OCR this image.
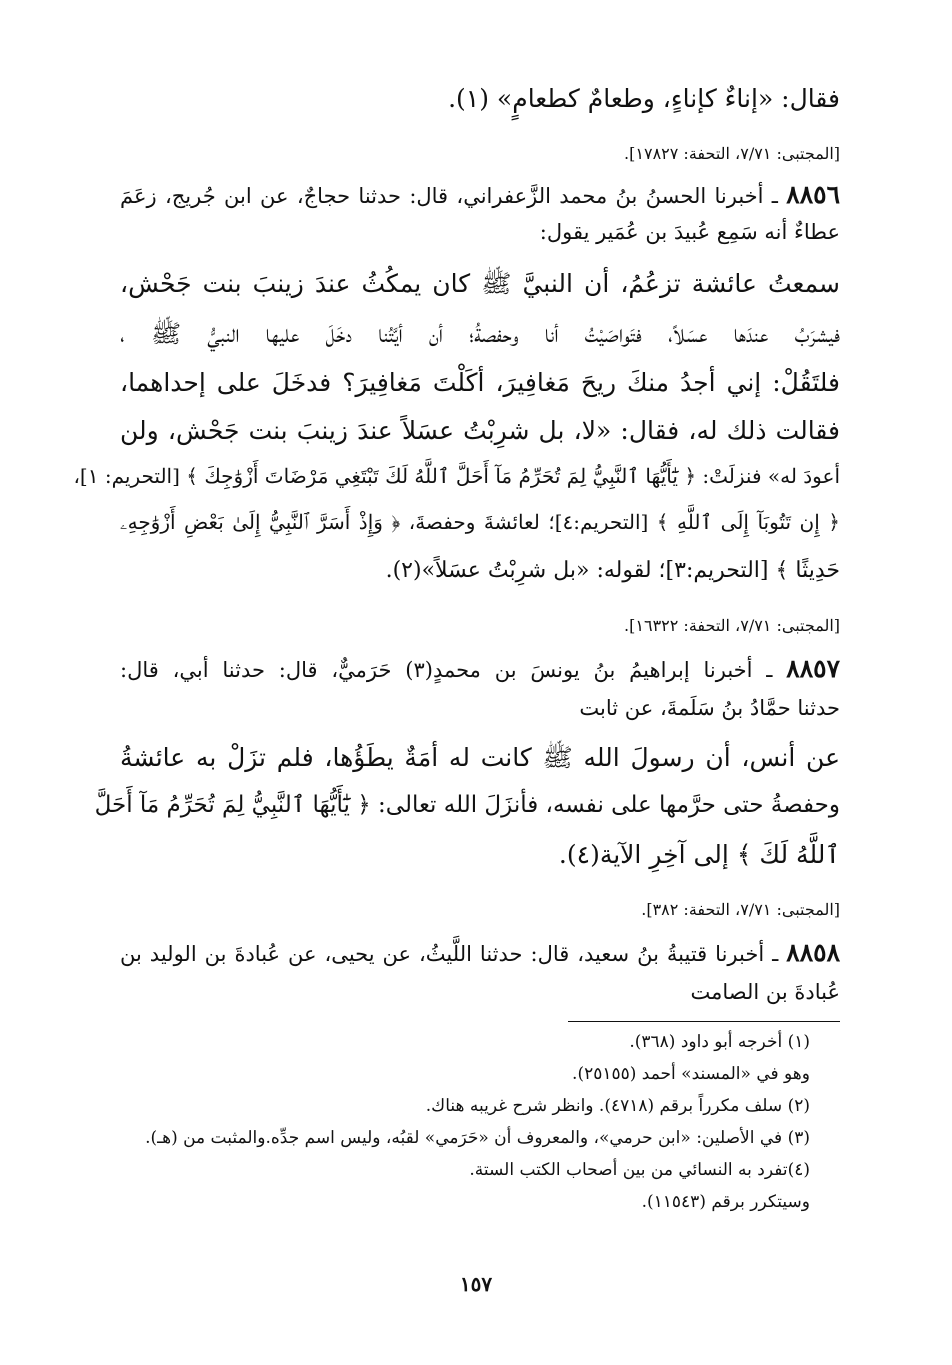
فقال: «إناءٌ كإناءٍ، وطعامٌ كطعامٍ» (١).
[المجتبى: ٧/٧١، التحفة: ١٧٨٢٧].
٨٨٥٦ ـ أخبرنا الحسنُ بنُ محمد الزَّعفراني، قال: حدثنا حجاجٌ، عن ابن جُريج، زعَمَ
عطاءٌ أنه سَمِع عُبيدَ بن عُمَير يقول:
سمعتُ عائشة تزعُمُ، أن النبيَّ ﷺ كان يمكُثُ عندَ زينبَ بنت جَحْش،
فيشرَبُ عندَها عسَلاً، فتَواصَيْتُ أنا وحفصةُ؛ أن أيَّتُنا دخَلَ عليها النبيُّ ﷺ ،
فلتَقُلْ: إني أجدُ منكَ ريحَ مَغافِيرَ، أكَلْتَ مَغافِيرَ؟ فدخَلَ على إحداهما،
فقالت ذلك له، فقال: «لا، بل شرِبْتُ عسَلاً عندَ زينبَ بنت جَحْش، ولن
أعودَ له» فنزلَتْ: ﴿ يَٰٓأَيُّهَا ٱلنَّبِيُّ لِمَ تُحَرِّمُ مَآ أَحَلَّ ٱللَّهُ لَكَ تَبْتَغِي مَرْضَاتَ أَزْوَٰجِكَ ﴾ [التحريم: ١]،
﴿ إِن تَتُوبَآ إِلَى ٱللَّهِ ﴾ [التحريم:٤]؛ لعائشةَ وحفصةَ، ﴿ وَإِذْ أَسَرَّ ٱلنَّبِيُّ إِلَىٰ بَعْضِ أَزْوَٰجِهِۦ
حَدِيثًا ﴾ [التحريم:٣]؛ لقوله: «بل شرِبْتُ عسَلاً»(٢).
[المجتبى: ٧/٧١، التحفة: ١٦٣٢٢].
٨٨٥٧ ـ أخبرنا إبراهيمُ بنُ يونسَ بن محمدٍ(٣) حَرَميٌّ، قال: حدثنا أبي، قال:
حدثنا حمَّادُ بنُ سَلَمةَ، عن ثابت
عن أنس، أن رسولَ الله ﷺ كانت له أمَةٌ يطَؤُها، فلم تزَلْ به عائشةُ
وحفصةُ حتى حرَّمها على نفسه، فأنزَلَ الله تعالى: ﴿ يَٰٓأَيُّهَا ٱلنَّبِيُّ لِمَ تُحَرِّمُ مَآ أَحَلَّ
ٱللَّهُ لَكَ ﴾ إلى آخِرِ الآية(٤).
[المجتبى: ٧/٧١، التحفة: ٣٨٢].
٨٨٥٨ ـ أخبرنا قتيبةُ بنُ سعيد، قال: حدثنا اللَّيثُ، عن يحيى، عن عُبادةَ بن الوليد بن
عُبادةَ بن الصامت
(١) أخرجه أبو داود (٣٦٨).
وهو في «المسند» أحمد (٢٥١٥٥).
(٢) سلف مكرراً برقم (٤٧١٨). وانظر شرح غريبه هناك.
(٣) في الأصلين: «ابن حرمي»، والمعروف أن «حَرَمي» لقبُه، وليس اسم جدِّه.والمثبت من (هـ).
(٤)تفرد به النسائي من بين أصحاب الكتب الستة.
وسيتكرر برقم (١١٥٤٣).
١٥٧
